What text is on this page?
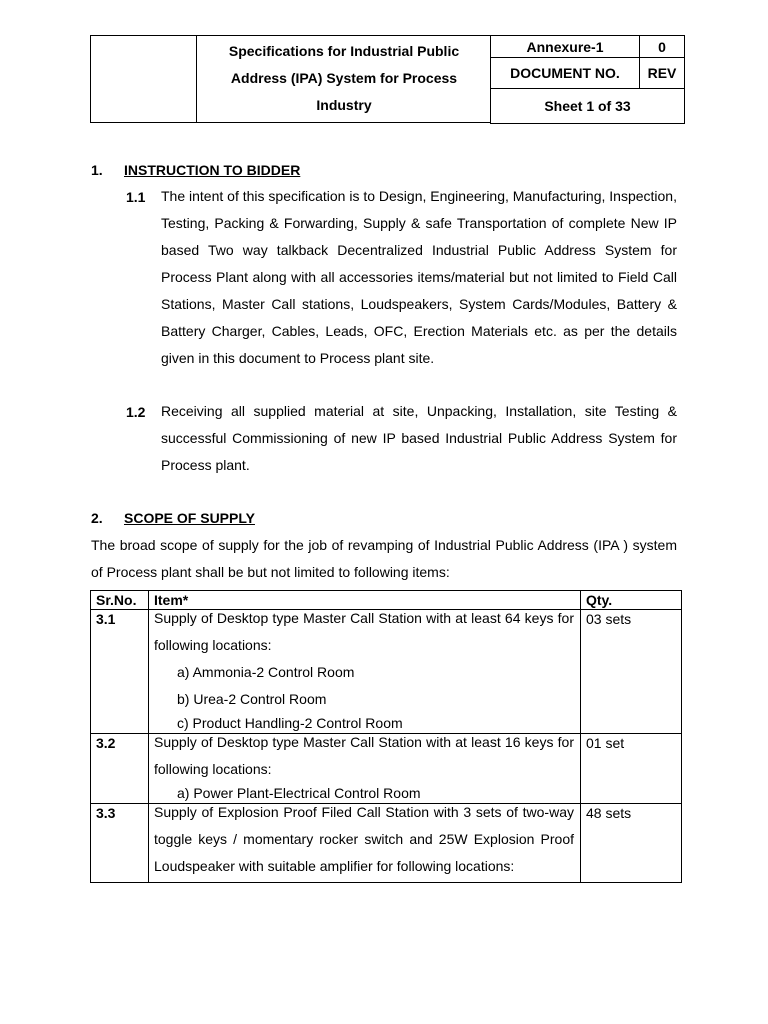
Specifications for Industrial Public
Address (IPA) System for Process
Industry
Annexure-1	0
DOCUMENT NO.	REV
Sheet 1 of 33	
1. INSTRUCTION TO BIDDER
1.1 The intent of this specification is to Design, Engineering, Manufacturing, Inspection, Testing, Packing & Forwarding, Supply & safe Transportation of complete New IP based Two way talkback Decentralized Industrial Public Address System for Process Plant along with all accessories items/material but not limited to Field Call Stations, Master Call stations, Loudspeakers, System Cards/Modules, Battery & Battery Charger, Cables, Leads, OFC, Erection Materials etc. as per the details given in this document to Process plant site.
1.2 Receiving all supplied material at site, Unpacking, Installation, site Testing & successful Commissioning of new IP based Industrial Public Address System for Process plant.
2. SCOPE OF SUPPLY
The broad scope of supply for the job of revamping of Industrial Public Address (IPA ) system of Process plant shall be but not limited to following items:
Sr.No.	Item*	Qty.
3.1	Supply of Desktop type Master Call Station with at least 64 keys for following locations:
a) Ammonia-2 Control Room
b) Urea-2 Control Room
c) Product Handling-2 Control Room	03 sets
3.2	Supply of Desktop type Master Call Station with at least 16 keys for following locations:
a) Power Plant-Electrical Control Room	01 set
3.3	Supply of Explosion Proof Filed Call Station with 3 sets of two-way toggle keys / momentary rocker switch and 25W Explosion Proof Loudspeaker with suitable amplifier for following locations:	48 sets
